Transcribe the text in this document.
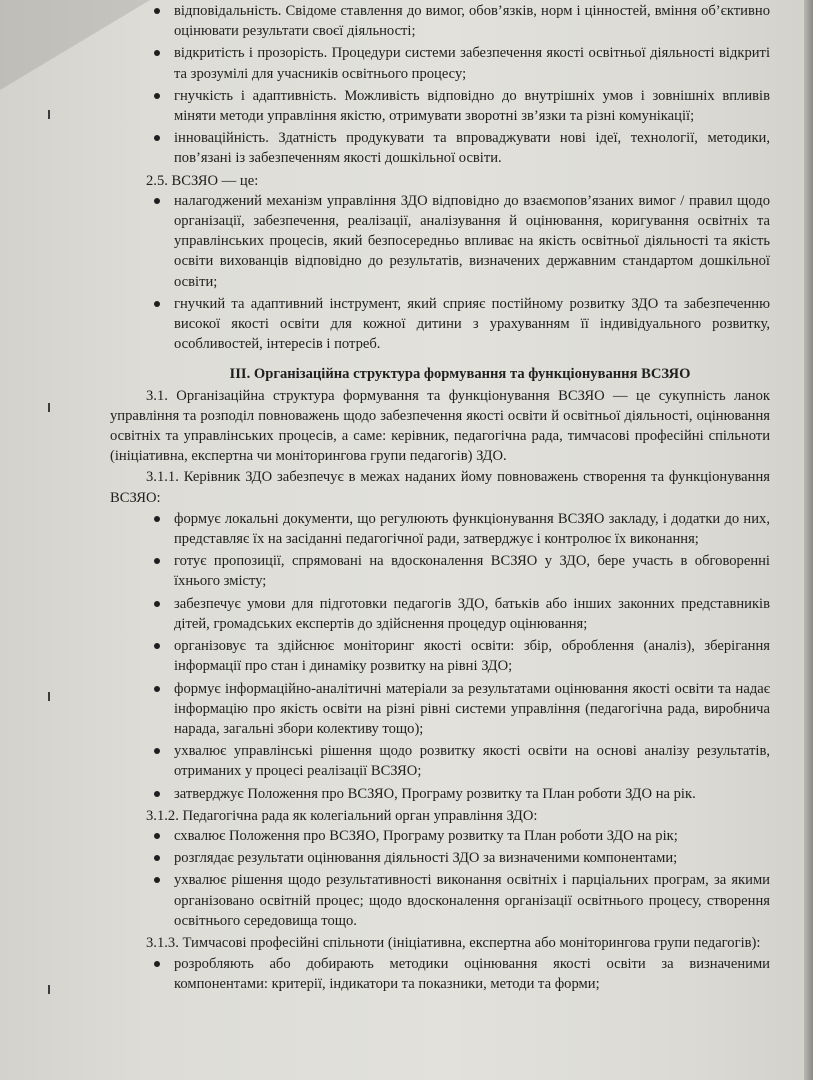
відповідальність. Свідоме ставлення до вимог, обов’язків, норм і цінностей, вміння об’єктивно оцінювати результати своєї діяльності;
відкритість і прозорість. Процедури системи забезпечення якості освітньої діяльності відкриті та зрозумілі для учасників освітнього процесу;
гнучкість і адаптивність. Можливість відповідно до внутрішніх умов і зовнішніх впливів міняти методи управління якістю, отримувати зворотні зв’язки та різні комунікації;
інноваційність. Здатність продукувати та впроваджувати нові ідеї, технології, методики, пов’язані із забезпеченням якості дошкільної освіти.

2.5. ВСЗЯО — це:

налагоджений механізм управління ЗДО відповідно до взаємопов’язаних вимог / правил щодо організації, забезпечення, реалізації, аналізування й оцінювання, коригування освітніх та управлінських процесів, який безпосередньо впливає на якість освітньої діяльності та якість освіти вихованців відповідно до результатів, визначених державним стандартом дошкільної освіти;
гнучкий та адаптивний інструмент, який сприяє постійному розвитку ЗДО та забезпеченню високої якості освіти для кожної дитини з урахуванням її індивідуального розвитку, особливостей, інтересів і потреб.

III. Організаційна структура формування та функціонування ВСЗЯО

3.1. Організаційна структура формування та функціонування ВСЗЯО — це сукупність ланок управління та розподіл повноважень щодо забезпечення якості освіти й освітньої діяльності, оцінювання освітніх та управлінських процесів, а саме: керівник, педагогічна рада, тимчасові професійні спільноти (ініціативна, експертна чи моніторингова групи педагогів) ЗДО.

3.1.1. Керівник ЗДО забезпечує в межах наданих йому повноважень створення та функціонування ВСЗЯО:

формує локальні документи, що регулюють функціонування ВСЗЯО закладу, і додатки до них, представляє їх на засіданні педагогічної ради, затверджує і контролює їх виконання;
готує пропозиції, спрямовані на вдосконалення ВСЗЯО у ЗДО, бере участь в обговоренні їхнього змісту;
забезпечує умови для підготовки педагогів ЗДО, батьків або інших законних представників дітей, громадських експертів до здійснення процедур оцінювання;
організовує та здійснює моніторинг якості освіти: збір, оброблення (аналіз), зберігання інформації про стан і динаміку розвитку на рівні ЗДО;
формує інформаційно-аналітичні матеріали за результатами оцінювання якості освіти та надає інформацію про якість освіти на різні рівні системи управління (педагогічна рада, виробнича нарада, загальні збори колективу тощо);
ухвалює управлінські рішення щодо розвитку якості освіти на основі аналізу результатів, отриманих у процесі реалізації ВСЗЯО;
затверджує Положення про ВСЗЯО, Програму розвитку та План роботи ЗДО на рік.

3.1.2. Педагогічна рада як колегіальний орган управління ЗДО:

схвалює Положення про ВСЗЯО, Програму розвитку та План роботи ЗДО на рік;
розглядає результати оцінювання діяльності ЗДО за визначеними компонентами;
ухвалює рішення щодо результативності виконання освітніх і парціальних програм, за якими організовано освітній процес; щодо вдосконалення організації освітнього процесу, створення освітнього середовища тощо.

3.1.3. Тимчасові професійні спільноти (ініціативна, експертна або моніторингова групи педагогів):

розробляють або добирають методики оцінювання якості освіти за визначеними компонентами: критерії, індикатори та показники, методи та форми;
